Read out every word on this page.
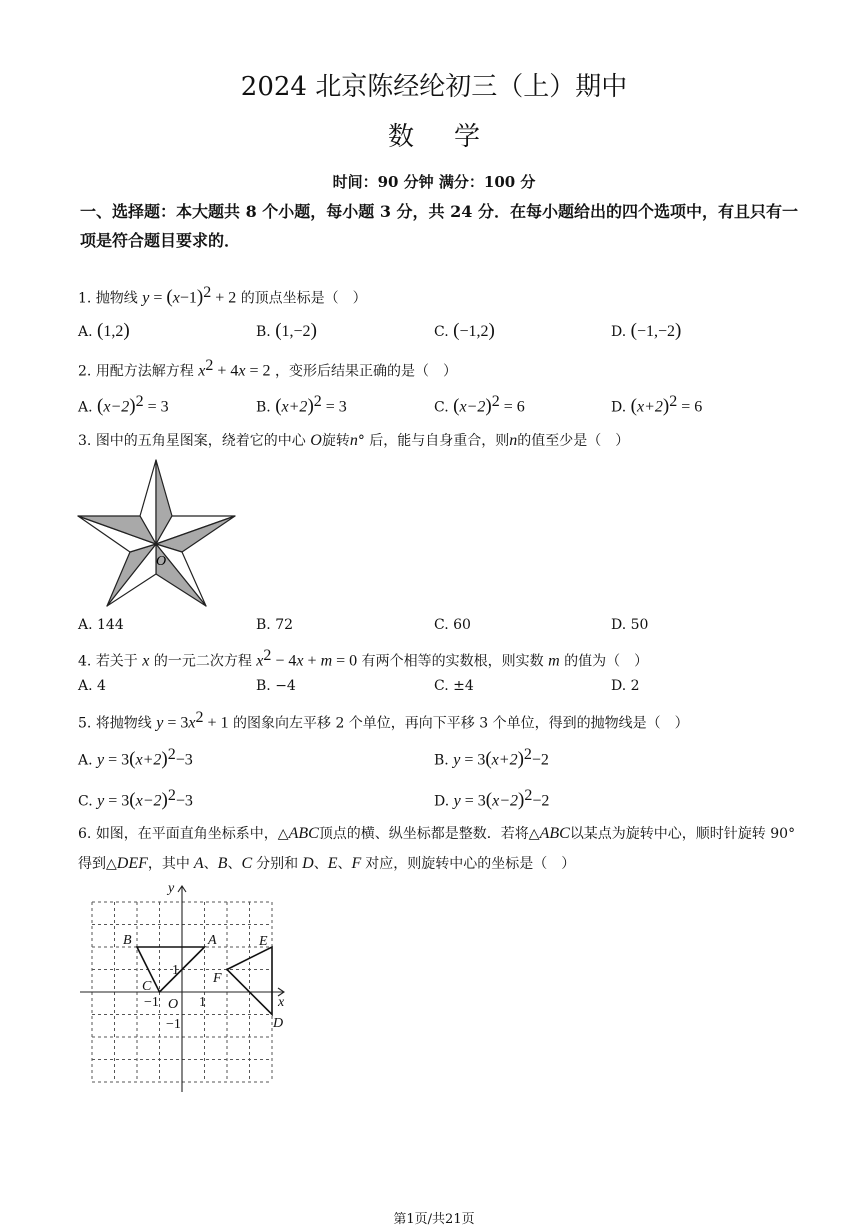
2024 北京陈经纶初三（上）期中
数学
时间：90 分钟 满分：100 分
一、选择题：本大题共 8 个小题，每小题 3 分，共 24 分．在每小题给出的四个选项中，有且只有一项是符合题目要求的．
1. 抛物线 $y = (x-1)^2 + 2$ 的顶点坐标是（　）
A. (1,2)	B. (1,−2)	C. (−1,2)	D. (−1,−2)
2. 用配方法解方程 $x^2 + 4x = 2$ ，变形后结果正确的是（　）
A. $(x-2)^2 = 3$	B. $(x+2)^2 = 3$	C. $(x-2)^2 = 6$	D. $(x+2)^2 = 6$
3. 图中的五角星图案，绕着它的中心 O旋转n° 后，能与自身重合，则n的值至少是（　）
O
A. 144	B. 72	C. 60	D. 50
4. 若关于 x 的一元二次方程 $x^2 - 4x + m = 0$ 有两个相等的实数根，则实数 m 的值为（　）
A. 4	B. −4	C. ±4	D. 2
5. 将抛物线 $y = 3x^2 + 1$ 的图象向左平移 2 个单位，再向下平移 3 个单位，得到的抛物线是（　）
A. $y = 3(x+2)^2-3$	B. $y = 3(x+2)^2-2$
C. $y = 3(x-2)^2-3$	D. $y = 3(x-2)^2-2$
6. 如图，在平面直角坐标系中，△ABC顶点的横、纵坐标都是整数．若将△ABC以某点为旋转中心，顺时针旋转 90° 得到△DEF，其中 A、B、C 分别和 D、E、F 对应，则旋转中心的坐标是（　）
y
x
O
A
B
C
D
E
F
1
−1
1
−1
第1页/共21页
